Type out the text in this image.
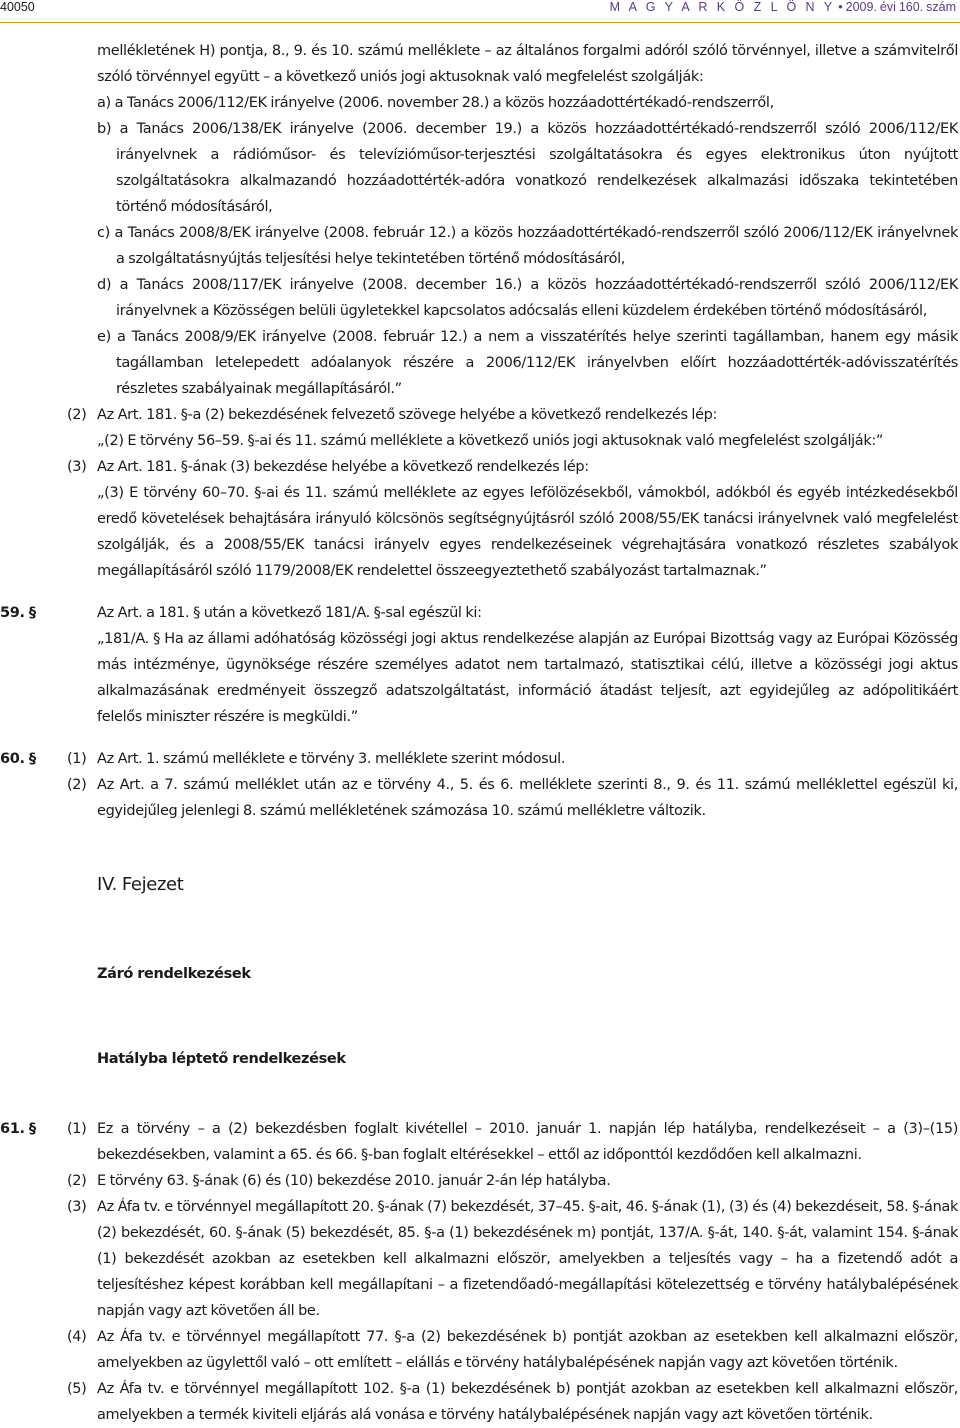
40050	M A G Y A R K Ö Z L Ö N Y • 2009. évi 160. szám

mellékletének H) pontja, 8., 9. és 10. számú melléklete – az általános forgalmi adóról szóló törvénnyel, illetve a számvitelről szóló törvénnyel együtt – a következő uniós jogi aktusoknak való megfelelést szolgálják:

a) a Tanács 2006/112/EK irányelve (2006. november 28.) a közös hozzáadottértékadó-rendszerről,

b) a Tanács 2006/138/EK irányelve (2006. december 19.) a közös hozzáadottértékadó-rendszerről szóló 2006/112/EK irányelvnek a rádióműsor- és televízióműsor-terjesztési szolgáltatásokra és egyes elektronikus úton nyújtott szolgáltatásokra alkalmazandó hozzáadottérték-adóra vonatkozó rendelkezések alkalmazási időszaka tekintetében történő módosításáról,

c) a Tanács 2008/8/EK irányelve (2008. február 12.) a közös hozzáadottértékadó-rendszerről szóló 2006/112/EK irányelvnek a szolgáltatásnyújtás teljesítési helye tekintetében történő módosításáról,

d) a Tanács 2008/117/EK irányelve (2008. december 16.) a közös hozzáadottértékadó-rendszerről szóló 2006/112/EK irányelvnek a Közösségen belüli ügyletekkel kapcsolatos adócsalás elleni küzdelem érdekében történő módosításáról,

e) a Tanács 2008/9/EK irányelve (2008. február 12.) a nem a visszatérítés helye szerinti tagállamban, hanem egy másik tagállamban letelepedett adóalanyok részére a 2006/112/EK irányelvben előírt hozzáadottérték-adóvisszatérítés részletes szabályainak megállapításáról.”

(2) Az Art. 181. §-a (2) bekezdésének felvezető szövege helyébe a következő rendelkezés lép:

„(2) E törvény 56–59. §-ai és 11. számú melléklete a következő uniós jogi aktusoknak való megfelelést szolgálják:”

(3) Az Art. 181. §-ának (3) bekezdése helyébe a következő rendelkezés lép:

„(3) E törvény 60–70. §-ai és 11. számú melléklete az egyes lefölözésekből, vámokból, adókból és egyéb intézkedésekből eredő követelések behajtására irányuló kölcsönös segítségnyújtásról szóló 2008/55/EK tanácsi irányelvnek való megfelelést szolgálják, és a 2008/55/EK tanácsi irányelv egyes rendelkezéseinek végrehajtására vonatkozó részletes szabályok megállapításáról szóló 1179/2008/EK rendelettel összeegyeztethető szabályozást tartalmaznak.”

59. §	Az Art. a 181. § után a következő 181/A. §-sal egészül ki:

„181/A. § Ha az állami adóhatóság közösségi jogi aktus rendelkezése alapján az Európai Bizottság vagy az Európai Közösség más intézménye, ügynöksége részére személyes adatot nem tartalmazó, statisztikai célú, illetve a közösségi jogi aktus alkalmazásának eredményeit összegző adatszolgáltatást, információ átadást teljesít, azt egyidejűleg az adópolitikáért felelős miniszter részére is megküldi.”

60. § (1) Az Art. 1. számú melléklete e törvény 3. melléklete szerint módosul.

(2) Az Art. a 7. számú melléklet után az e törvény 4., 5. és 6. melléklete szerinti 8., 9. és 11. számú melléklettel egészül ki, egyidejűleg jelenlegi 8. számú mellékletének számozása 10. számú mellékletre változik.

IV. Fejezet

Záró rendelkezések

Hatályba léptető rendelkezések

61. § (1) Ez a törvény – a (2) bekezdésben foglalt kivétellel – 2010. január 1. napján lép hatályba, rendelkezéseit – a (3)–(15) bekezdésekben, valamint a 65. és 66. §-ban foglalt eltérésekkel – ettől az időponttól kezdődően kell alkalmazni.

(2) E törvény 63. §-ának (6) és (10) bekezdése 2010. január 2-án lép hatályba.

(3) Az Áfa tv. e törvénnyel megállapított 20. §-ának (7) bekezdését, 37–45. §-ait, 46. §-ának (1), (3) és (4) bekezdéseit, 58. §-ának (2) bekezdését, 60. §-ának (5) bekezdését, 85. §-a (1) bekezdésének m) pontját, 137/A. §-át, 140. §-át, valamint 154. §-ának (1) bekezdését azokban az esetekben kell alkalmazni először, amelyekben a teljesítés vagy – ha a fizetendő adót a teljesítéshez képest korábban kell megállapítani – a fizetendőadó-megállapítási kötelezettség e törvény hatálybalépésének napján vagy azt követően áll be.

(4) Az Áfa tv. e törvénnyel megállapított 77. §-a (2) bekezdésének b) pontját azokban az esetekben kell alkalmazni először, amelyekben az ügylettől való – ott említett – elállás e törvény hatálybalépésének napján vagy azt követően történik.

(5) Az Áfa tv. e törvénnyel megállapított 102. §-a (1) bekezdésének b) pontját azokban az esetekben kell alkalmazni először, amelyekben a termék kiviteli eljárás alá vonása e törvény hatálybalépésének napján vagy azt követően történik.
